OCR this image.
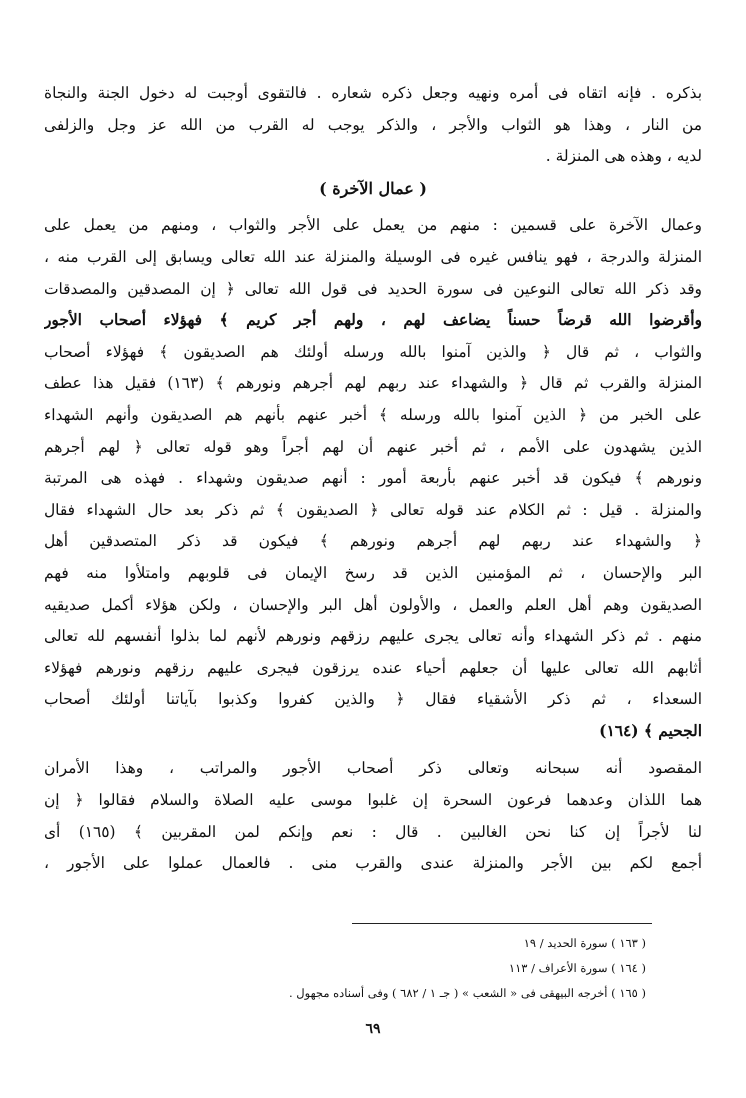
بذكره . فإنه اتقاه فى أمره ونهيه وجعل ذكره شعاره . فالتقوى أوجبت له دخول الجنة والنجاة
من النار ، وهذا هو الثواب والأجر ، والذكر يوجب له القرب من الله عز وجل والزلفى
لديه ، وهذه هى المنزلة .
( عمال الآخرة )
وعمال الآخرة على قسمين : منهم من يعمل على الأجر والثواب ، ومنهم من يعمل على
المنزلة والدرجة ، فهو ينافس غيره فى الوسيلة والمنزلة عند الله تعالى ويسابق إلى القرب منه ،
وقد ذكر الله تعالى النوعين فى سورة الحديد فى قول الله تعالى ﴿ إن المصدقين والمصدقات
وأقرضوا الله قرضاً حسناً يضاعف لهم ، ولهم أجر كريم ﴾ فهؤلاء أصحاب الأجور
والثواب ، ثم قال ﴿ والذين آمنوا بالله ورسله أولئك هم الصديقون ﴾ فهؤلاء أصحاب
المنزلة والقرب ثم قال ﴿ والشهداء عند ربهم لهم أجرهم ونورهم ﴾ (١٦٣) فقيل هذا عطف
على الخبر من ﴿ الذين آمنوا بالله ورسله ﴾ أخبر عنهم بأنهم هم الصديقون وأنهم الشهداء
الذين يشهدون على الأمم ، ثم أخبر عنهم أن لهم أجراً وهو قوله تعالى ﴿ لهم أجرهم
ونورهم ﴾ فيكون قد أخبر عنهم بأربعة أمور : أنهم صديقون وشهداء . فهذه هى المرتبة
والمنزلة . قيل : ثم الكلام عند قوله تعالى ﴿ الصديقون ﴾ ثم ذكر بعد حال الشهداء فقال
﴿ والشهداء عند ربهم لهم أجرهم ونورهم ﴾ فيكون قد ذكر المتصدقين أهل
البر والإحسان ، ثم المؤمنين الذين قد رسخ الإيمان فى قلوبهم وامتلأوا منه فهم
الصديقون وهم أهل العلم والعمل ، والأولون أهل البر والإحسان ، ولكن هؤلاء أكمل صديقيه
منهم . ثم ذكر الشهداء وأنه تعالى يجرى عليهم رزقهم ونورهم لأنهم لما بذلوا أنفسهم لله تعالى
أثابهم الله تعالى عليها أن جعلهم أحياء عنده يرزقون فيجرى عليهم رزقهم ونورهم فهؤلاء
السعداء ، ثم ذكر الأشقياء فقال ﴿ والذين كفروا وكذبوا بآياتنا أولئك أصحاب
الجحيم ﴾ (١٦٤)
المقصود أنه سبحانه وتعالى ذكر أصحاب الأجور والمراتب ، وهذا الأمران
هما اللذان وعدهما فرعون السحرة إن غلبوا موسى عليه الصلاة والسلام فقالوا ﴿ إن
لنا لأجراً إن كنا نحن الغالبين . قال : نعم وإنكم لمن المقربين ﴾ (١٦٥) أى
أجمع لكم بين الأجر والمنزلة عندى والقرب منى . فالعمال عملوا على الأجور ،
( ١٦٣ ) سورة الحديد / ١٩
( ١٦٤ ) سورة الأعراف / ١١٣
( ١٦٥ ) أخرجه البيهقى فى « الشعب » ( جـ ١ / ٦٨٢ ) وفى أسناده مجهول .
٦٩
